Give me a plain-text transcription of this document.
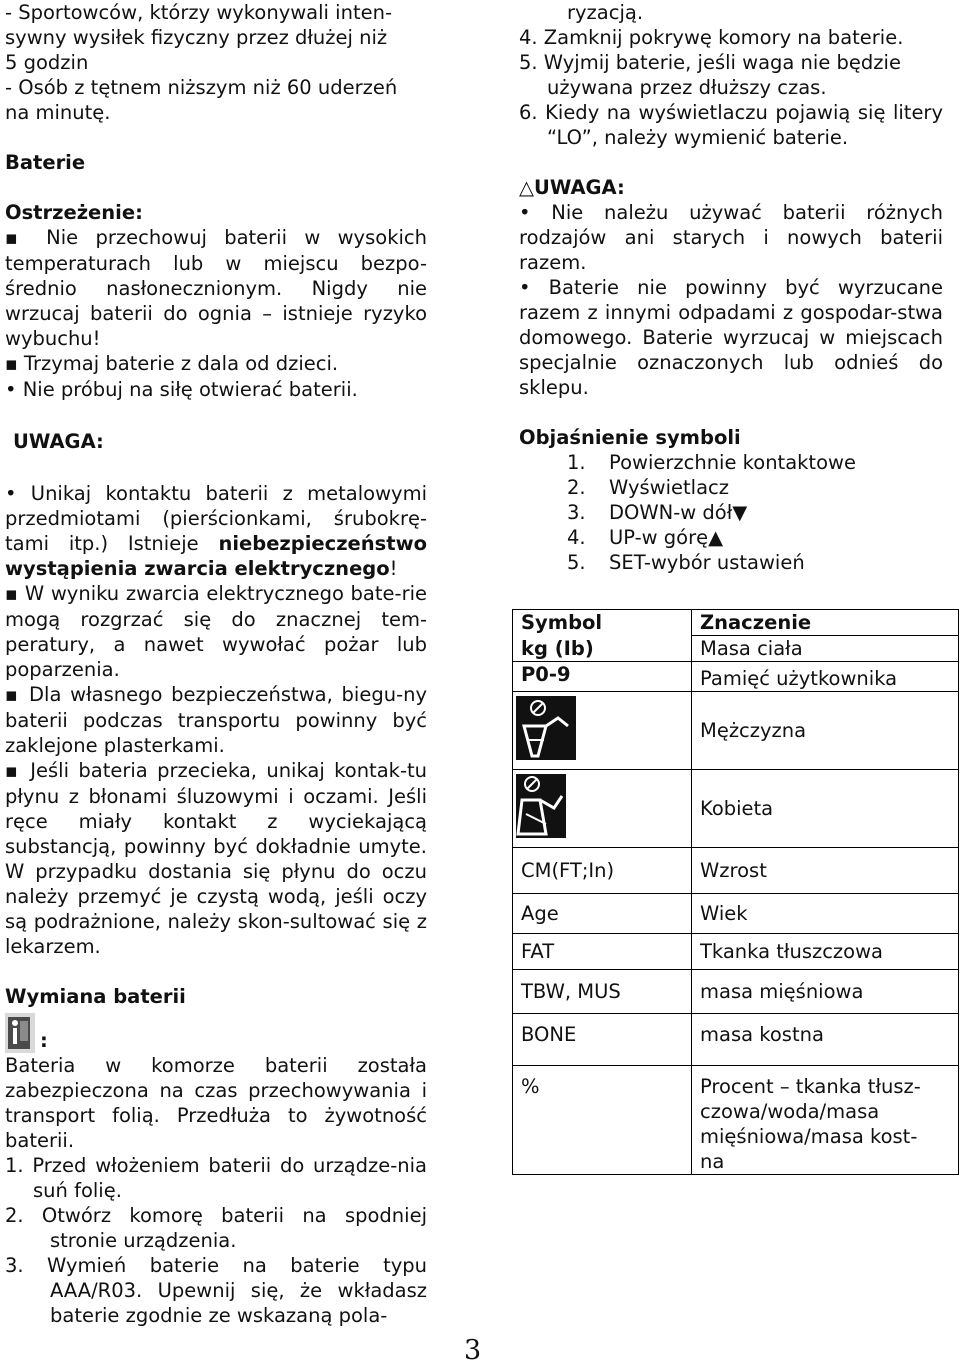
- Sportowców, którzy wykonywali inten-

sywny wysiłek fizyczny przez dłużej niż

5 godzin

- Osób z tętnem niższym niż 60 uderzeń

na minutę.

Baterie

Ostrzeżenie:

▪ Nie przechowuj baterii w wysokich temperaturach lub w miejscu bezpo-średnio nasłonecznionym. Nigdy nie wrzucaj baterii do ognia – istnieje ryzyko wybuchu!

▪ Trzymaj baterie z dala od dzieci.

• Nie próbuj na siłę otwierać baterii.

UWAGA:

• Unikaj kontaktu baterii z metalowymi przedmiotami (pierścionkami, śrubokrę-tami itp.) Istnieje niebezpieczeństwo wystąpienia zwarcia elektrycznego!

▪ W wyniku zwarcia elektrycznego bate-rie mogą rozgrzać się do znacznej tem-peratury, a nawet wywołać pożar lub poparzenia.

▪ Dla własnego bezpieczeństwa, biegu-ny baterii podczas transportu powinny być zaklejone plasterkami.

▪ Jeśli bateria przecieka, unikaj kontak-tu płynu z błonami śluzowymi i oczami. Jeśli ręce miały kontakt z wyciekającą substancją, powinny być dokładnie umyte. W przypadku dostania się płynu do oczu należy przemyć je czystą wodą, jeśli oczy są podrażnione, należy skon-sultować się z lekarzem.

Wymiana baterii

:

Bateria w komorze baterii została zabezpieczona na czas przechowywania i transport folią. Przedłuża to żywotność baterii.

1. Przed włożeniem baterii do urządze-nia suń folię.

2. Otwórz komorę baterii na spodniej stronie urządzenia.

3. Wymień baterie na baterie typu AAA/R03. Upewnij się, że wkładasz baterie zgodnie ze wskazaną pola-

ryzacją.

4. Zamknij pokrywę komory na baterie.

5. Wyjmij baterie, jeśli waga nie będzie używana przez dłuższy czas.

6. Kiedy na wyświetlaczu pojawią się litery “LO”, należy wymienić baterie.

△UWAGA:

• Nie należu używać baterii różnych rodzajów ani starych i nowych baterii razem.

• Baterie nie powinny być wyrzucane razem z innymi odpadami z gospodar-stwa domowego. Baterie wyrzucaj w miejscach specjalnie oznaczonych lub odnieś do sklepu.

Objaśnienie symboli

1.	Powierzchnie kontaktowe
2.	Wyświetlacz
3.	DOWN-w dół▼
4.	UP-w górę▲
5.	SET-wybór ustawień
Symbol	Znaczenie
kg (Ib)	Masa ciała
P0-9	Pamięć użytkownika

	Mężczyzna

	Kobieta
CM(FT;In)	Wzrost
Age	Wiek
FAT	Tkanka tłuszczowa
TBW, MUS	masa mięśniowa
BONE	masa kostna
%	Procent – tkanka tłusz-czowa/woda/masa mięśniowa/masa kost-na
3
